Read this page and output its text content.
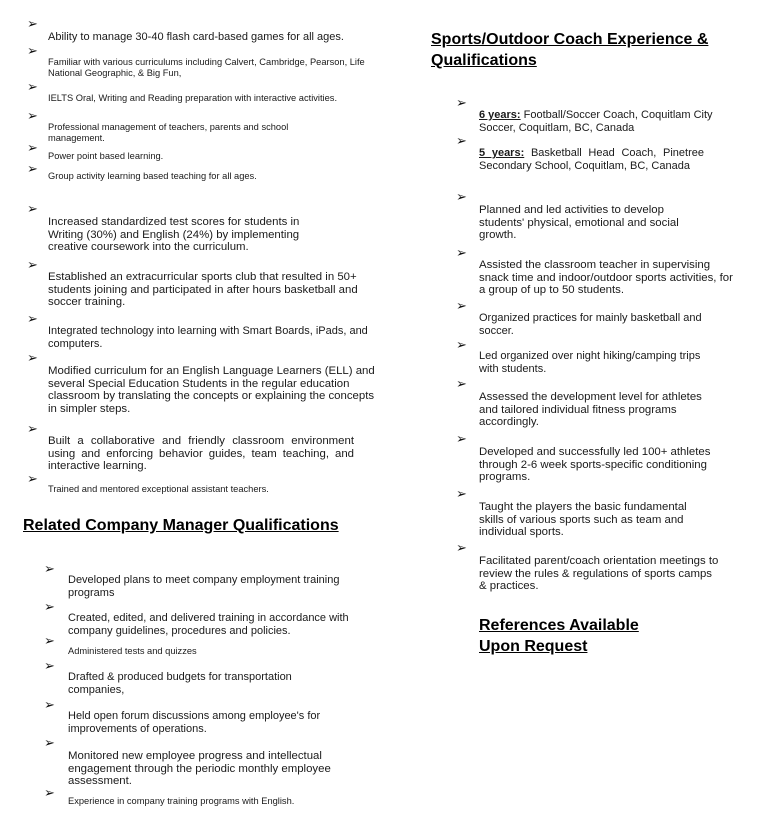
➢
Ability to manage 30-40 flash card-based games for all ages.
➢
Familiar with various curriculums including Calvert, Cambridge, Pearson, Life National Geographic, & Big Fun,
➢
IELTS Oral, Writing and Reading preparation with interactive activities.
➢
Professional management of teachers, parents and school management.
➢ Power point based learning.
➢ Group activity learning based teaching for all ages.
➢
Increased standardized test scores for students in Writing (30%) and English (24%) by implementing creative coursework into the curriculum.
➢
Established an extracurricular sports club that resulted in 50+ students joining and participated in after hours basketball and soccer training.
➢
Integrated technology into learning with Smart Boards, iPads, and computers.
➢
Modified curriculum for an English Language Learners (ELL) and several Special Education Students in the regular education classroom by translating the concepts or explaining the concepts in simpler steps.
➢
Built a collaborative and friendly classroom environment using and enforcing behavior guides, team teaching, and interactive learning.
➢
Trained and mentored exceptional assistant teachers.
Related Company Manager Qualifications
➢
Developed plans to meet company employment training programs
➢
Created, edited, and delivered training in accordance with company guidelines, procedures and policies.
➢
Administered tests and quizzes
➢
Drafted & produced budgets for transportation companies,
➢
Held open forum discussions among employee's for improvements of operations.
➢
Monitored new employee progress and intellectual engagement through the periodic monthly employee assessment.
➢ Experience in company training programs with English.
Sports/Outdoor Coach Experience & Qualifications
➢
6 years: Football/Soccer Coach, Coquitlam City Soccer, Coquitlam, BC, Canada
➢
5 years: Basketball Head Coach, Pinetree Secondary School, Coquitlam, BC, Canada
➢
Planned and led activities to develop students' physical, emotional and social growth.
➢
Assisted the classroom teacher in supervising snack time and indoor/outdoor sports activities, for a group of up to 50 students.
➢
Organized practices for mainly basketball and soccer.
➢
Led organized over night hiking/camping trips with students.
➢
Assessed the development level for athletes and tailored individual fitness programs accordingly.
➢
Developed and successfully led 100+ athletes through 2-6 week sports-specific conditioning programs.
➢
Taught the players the basic fundamental skills of various sports such as team and individual sports.
➢
Facilitated parent/coach orientation meetings to review the rules & regulations of sports camps & practices.
References Available
Upon Request
